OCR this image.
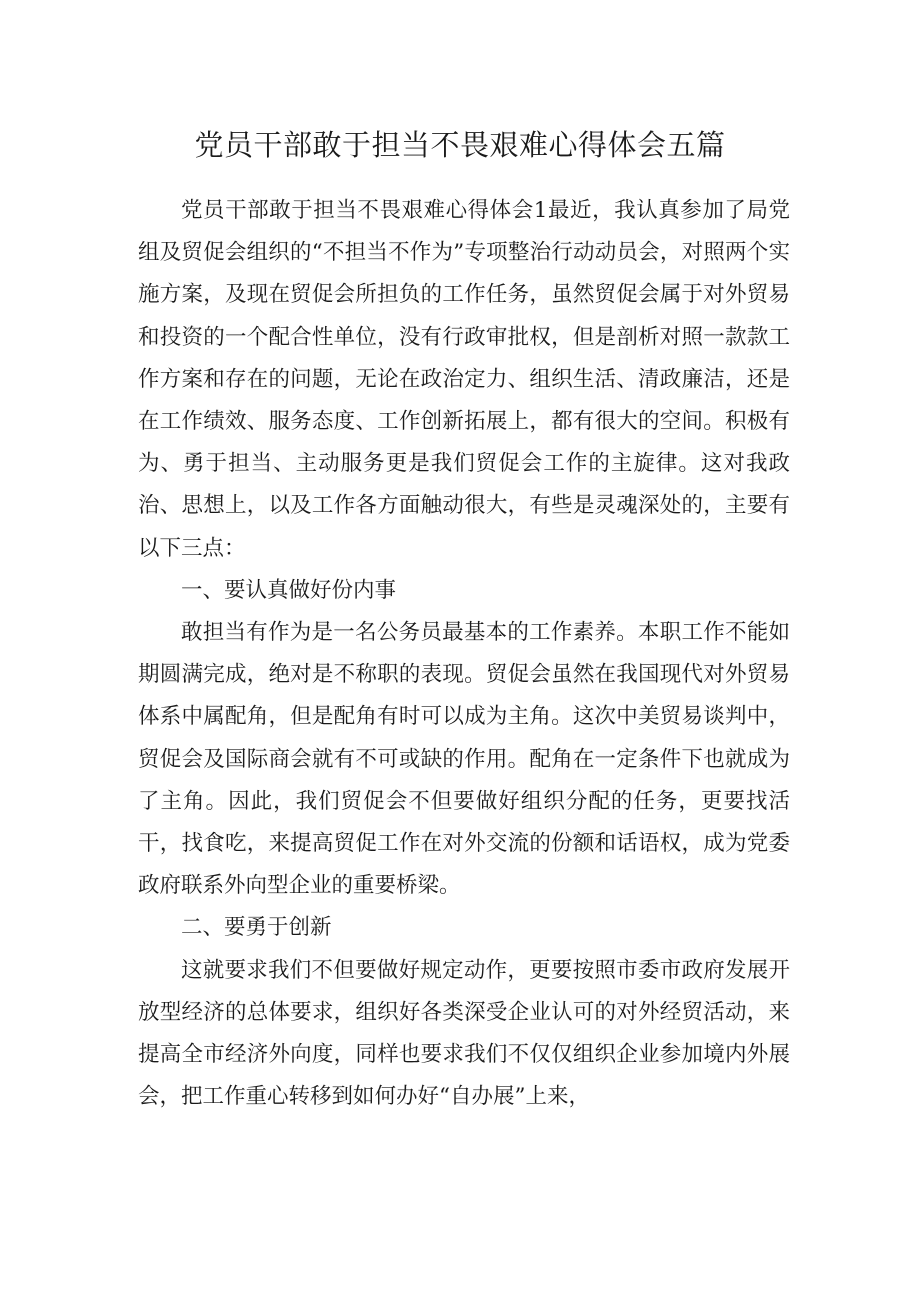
党员干部敢于担当不畏艰难心得体会五篇

党员干部敢于担当不畏艰难心得体会1最近，我认真参加了局党组及贸促会组织的“不担当不作为”专项整治行动动员会，对照两个实施方案，及现在贸促会所担负的工作任务，虽然贸促会属于对外贸易和投资的一个配合性单位，没有行政审批权，但是剖析对照一款款工作方案和存在的问题，无论在政治定力、组织生活、清政廉洁，还是在工作绩效、服务态度、工作创新拓展上，都有很大的空间。积极有为、勇于担当、主动服务更是我们贸促会工作的主旋律。这对我政治、思想上，以及工作各方面触动很大，有些是灵魂深处的，主要有以下三点：

一、要认真做好份内事

敢担当有作为是一名公务员最基本的工作素养。本职工作不能如期圆满完成，绝对是不称职的表现。贸促会虽然在我国现代对外贸易体系中属配角，但是配角有时可以成为主角。这次中美贸易谈判中，贸促会及国际商会就有不可或缺的作用。配角在一定条件下也就成为了主角。因此，我们贸促会不但要做好组织分配的任务，更要找活干，找食吃，来提高贸促工作在对外交流的份额和话语权，成为党委政府联系外向型企业的重要桥梁。

二、要勇于创新

这就要求我们不但要做好规定动作，更要按照市委市政府发展开放型经济的总体要求，组织好各类深受企业认可的对外经贸活动，来提高全市经济外向度，同样也要求我们不仅仅组织企业参加境内外展会，把工作重心转移到如何办好“自办展”上来，
